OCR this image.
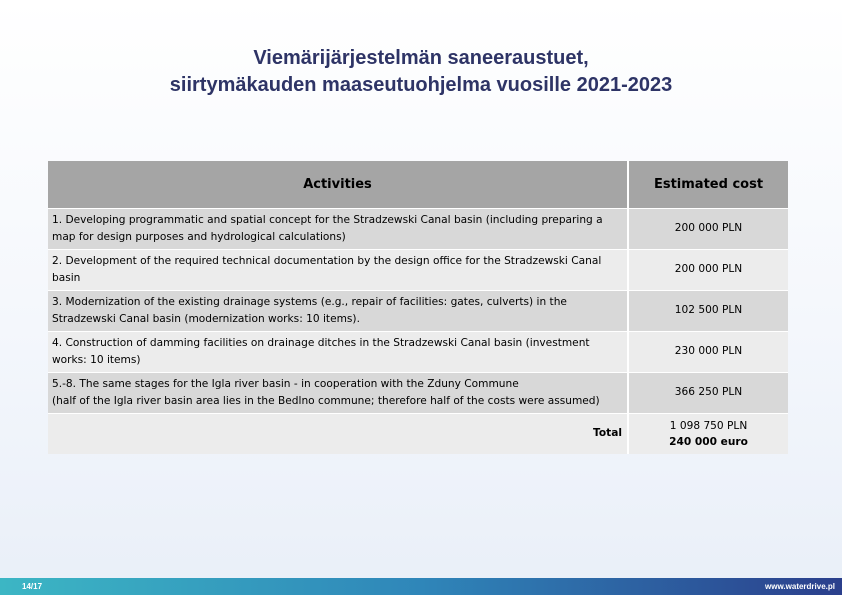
Viemärijärjestelmän saneeraustuet,
siirtymäkauden maaseutuohjelma vuosille 2021-2023
Activities	Estimated cost
1. Developing programmatic and spatial concept for the Stradzewski Canal basin (including preparing a map for design purposes and hydrological calculations)	200 000 PLN
2. Development of the required technical documentation by the design office for the Stradzewski Canal basin	200 000 PLN
3. Modernization of the existing drainage systems (e.g., repair of facilities: gates, culverts) in the Stradzewski Canal basin (modernization works: 10 items).	102 500 PLN
4. Construction of damming facilities on drainage ditches in the Stradzewski Canal basin (investment works: 10 items)	230 000 PLN

5.-8. The same stages for the Igla river basin - in cooperation with the Zduny Commune
(half of the Igla river basin area lies in the Bedlno commune; therefore half of the costs were assumed)	366 250 PLN
Total	1 098 750 PLN
240 000 euro
14/17	www.waterdrive.pl
